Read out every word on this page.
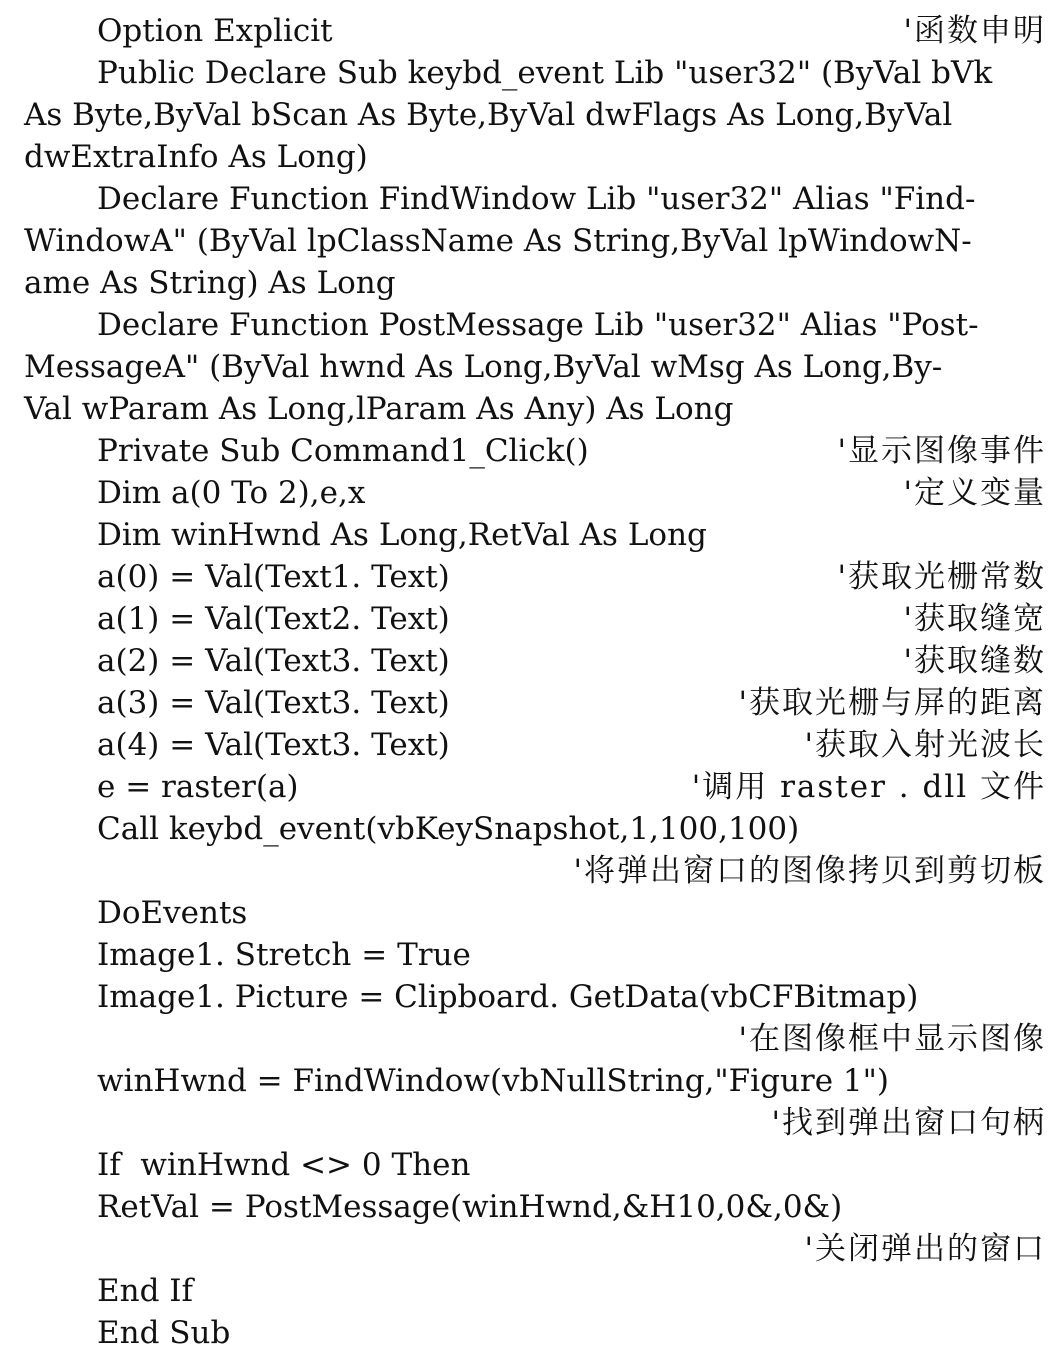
Option Explicit	'函数申明
Public Declare Sub keybd_event Lib "user32" (ByVal bVk
As Byte,ByVal bScan As Byte,ByVal dwFlags As Long,ByVal
dwExtraInfo As Long)
Declare Function FindWindow Lib "user32" Alias "Find-
WindowA" (ByVal lpClassName As String,ByVal lpWindowN-
ame As String) As Long
Declare Function PostMessage Lib "user32" Alias "Post-
MessageA" (ByVal hwnd As Long,ByVal wMsg As Long,By-
Val wParam As Long,lParam As Any) As Long
Private Sub Command1_Click()	'显示图像事件
Dim a(0 To 2),e,x	'定义变量
Dim winHwnd As Long,RetVal As Long
a(0) = Val(Text1. Text)	'获取光栅常数
a(1) = Val(Text2. Text)	'获取缝宽
a(2) = Val(Text3. Text)	'获取缝数
a(3) = Val(Text3. Text)	'获取光栅与屏的距离
a(4) = Val(Text3. Text)	'获取入射光波长
e = raster(a)	'调用 raster . dll 文件
Call keybd_event(vbKeySnapshot,1,100,100)
'将弹出窗口的图像拷贝到剪切板
DoEvents
Image1. Stretch = True
Image1. Picture = Clipboard. GetData(vbCFBitmap)
'在图像框中显示图像
winHwnd = FindWindow(vbNullString,"Figure 1")
'找到弹出窗口句柄
If  winHwnd <> 0 Then
RetVal = PostMessage(winHwnd,&H10,0&,0&)
'关闭弹出的窗口
End If
End Sub
